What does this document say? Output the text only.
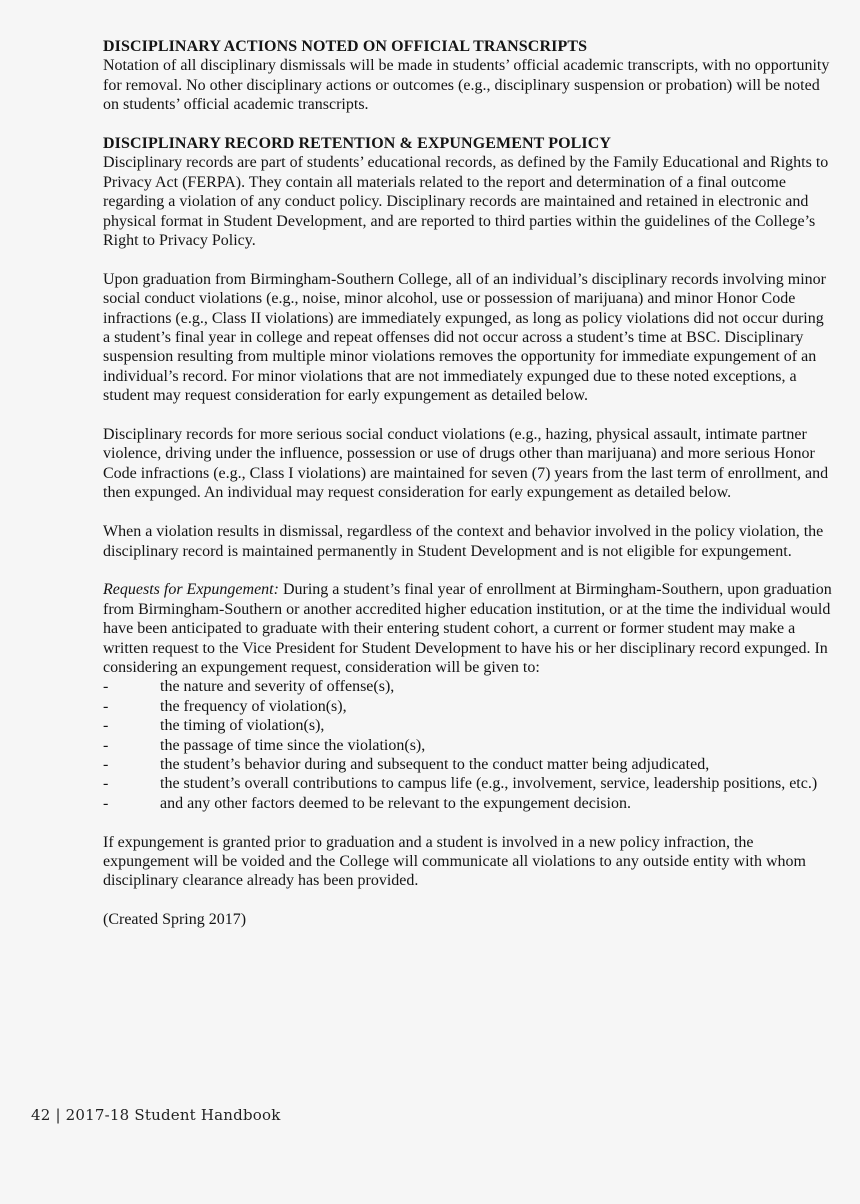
DISCIPLINARY ACTIONS NOTED ON OFFICIAL TRANSCRIPTS

Notation of all disciplinary dismissals will be made in students’ official academic transcripts, with no opportunity for removal. No other disciplinary actions or outcomes (e.g., disciplinary suspension or probation) will be noted on students’ official academic transcripts.

DISCIPLINARY RECORD RETENTION & EXPUNGEMENT POLICY

Disciplinary records are part of students’ educational records, as defined by the Family Educational and Rights to Privacy Act (FERPA). They contain all materials related to the report and determination of a final outcome regarding a violation of any conduct policy. Disciplinary records are maintained and retained in electronic and physical format in Student Development, and are reported to third parties within the guidelines of the College’s Right to Privacy Policy.

Upon graduation from Birmingham-Southern College, all of an individual’s disciplinary records involving minor social conduct violations (e.g., noise, minor alcohol, use or possession of marijuana) and minor Honor Code infractions (e.g., Class II violations) are immediately expunged, as long as policy violations did not occur during a student’s final year in college and repeat offenses did not occur across a student’s time at BSC. Disciplinary suspension resulting from multiple minor violations removes the opportunity for immediate expungement of an individual’s record. For minor violations that are not immediately expunged due to these noted exceptions, a student may request consideration for early expungement as detailed below.

Disciplinary records for more serious social conduct violations (e.g., hazing, physical assault, intimate partner violence, driving under the influence, possession or use of drugs other than marijuana) and more serious Honor Code infractions (e.g., Class I violations) are maintained for seven (7) years from the last term of enrollment, and then expunged. An individual may request consideration for early expungement as detailed below.

When a violation results in dismissal, regardless of the context and behavior involved in the policy violation, the disciplinary record is maintained permanently in Student Development and is not eligible for expungement.

Requests for Expungement: During a student’s final year of enrollment at Birmingham-Southern, upon graduation from Birmingham-Southern or another accredited higher education institution, or at the time the individual would have been anticipated to graduate with their entering student cohort, a current or former student may make a written request to the Vice President for Student Development to have his or her disciplinary record expunged. In considering an expungement request, consideration will be given to:

-	the nature and severity of offense(s),
-	the frequency of violation(s),
-	the timing of violation(s),
-	the passage of time since the violation(s),
-	the student’s behavior during and subsequent to the conduct matter being adjudicated,
-	the student’s overall contributions to campus life (e.g., involvement, service, leadership positions, etc.)
-	and any other factors deemed to be relevant to the expungement decision.

If expungement is granted prior to graduation and a student is involved in a new policy infraction, the expungement will be voided and the College will communicate all violations to any outside entity with whom disciplinary clearance already has been provided.

(Created Spring 2017)

42 | 2017-18 Student Handbook
